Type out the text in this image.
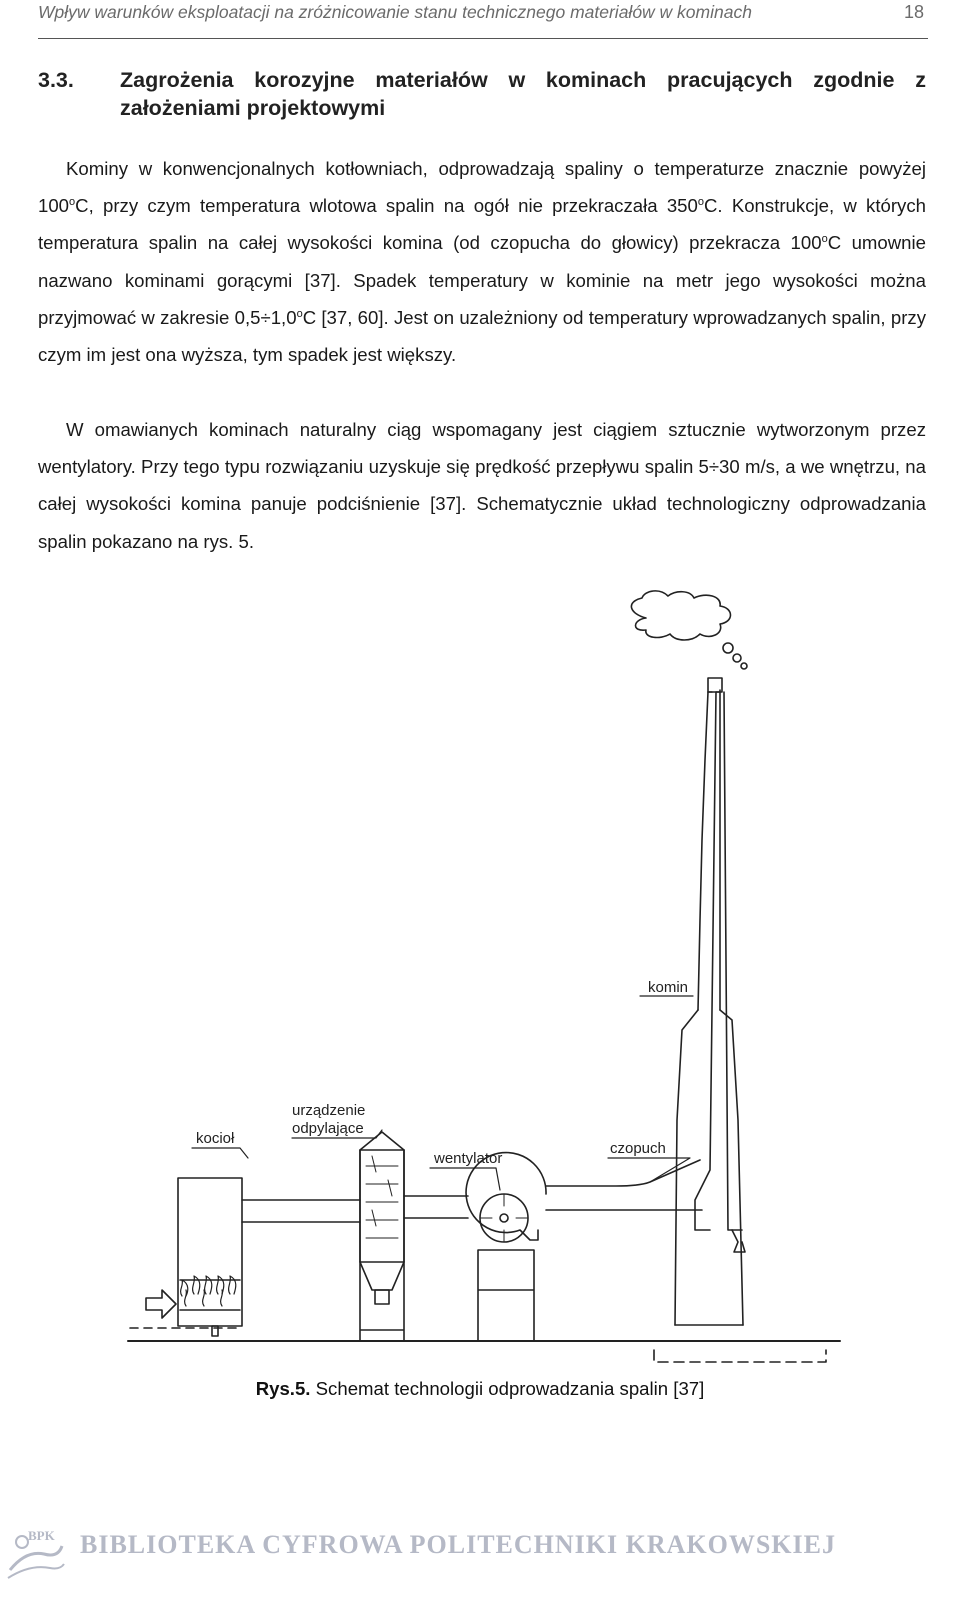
Wpływ warunków eksploatacji na zróżnicowanie stanu technicznego materiałów w kominach	18
3.3. Zagrożenia korozyjne materiałów w kominach pracujących zgodnie z założeniami projektowymi
Kominy w konwencjonalnych kotłowniach, odprowadzają spaliny o temperaturze znacznie powyżej 100$^o$C, przy czym temperatura wlotowa spalin na ogół nie przekraczała 350$^o$C. Konstrukcje, w których temperatura spalin na całej wysokości komina (od czopucha do głowicy) przekracza 100$^o$C umownie nazwano kominami gorącymi [37]. Spadek temperatury w kominie na metr jego wysokości można przyjmować w zakresie $0,5\div 1,0^oC$ [37, 60]. Jest on uzależniony od temperatury wprowadzanych spalin, przy czym im jest ona wyższa, tym spadek jest większy.
W omawianych kominach naturalny ciąg wspomagany jest ciągiem sztucznie wytworzonym przez wentylatory. Przy tego typu rozwiązaniu uzyskuje się prędkość przepływu spalin 5÷30 m/s, a we wnętrzu, na całej wysokości komina panuje podciśnienie [37]. Schematycznie układ technologiczny odprowadzania spalin pokazano na rys. 5.
komin
kocioł
urządzenie
odpylające
wentylator
czopuch
Rys.5. Schemat technologii odprowadzania spalin [37]
BPK BIBLIOTEKA CYFROWA POLITECHNIKI KRAKOWSKIEJ
